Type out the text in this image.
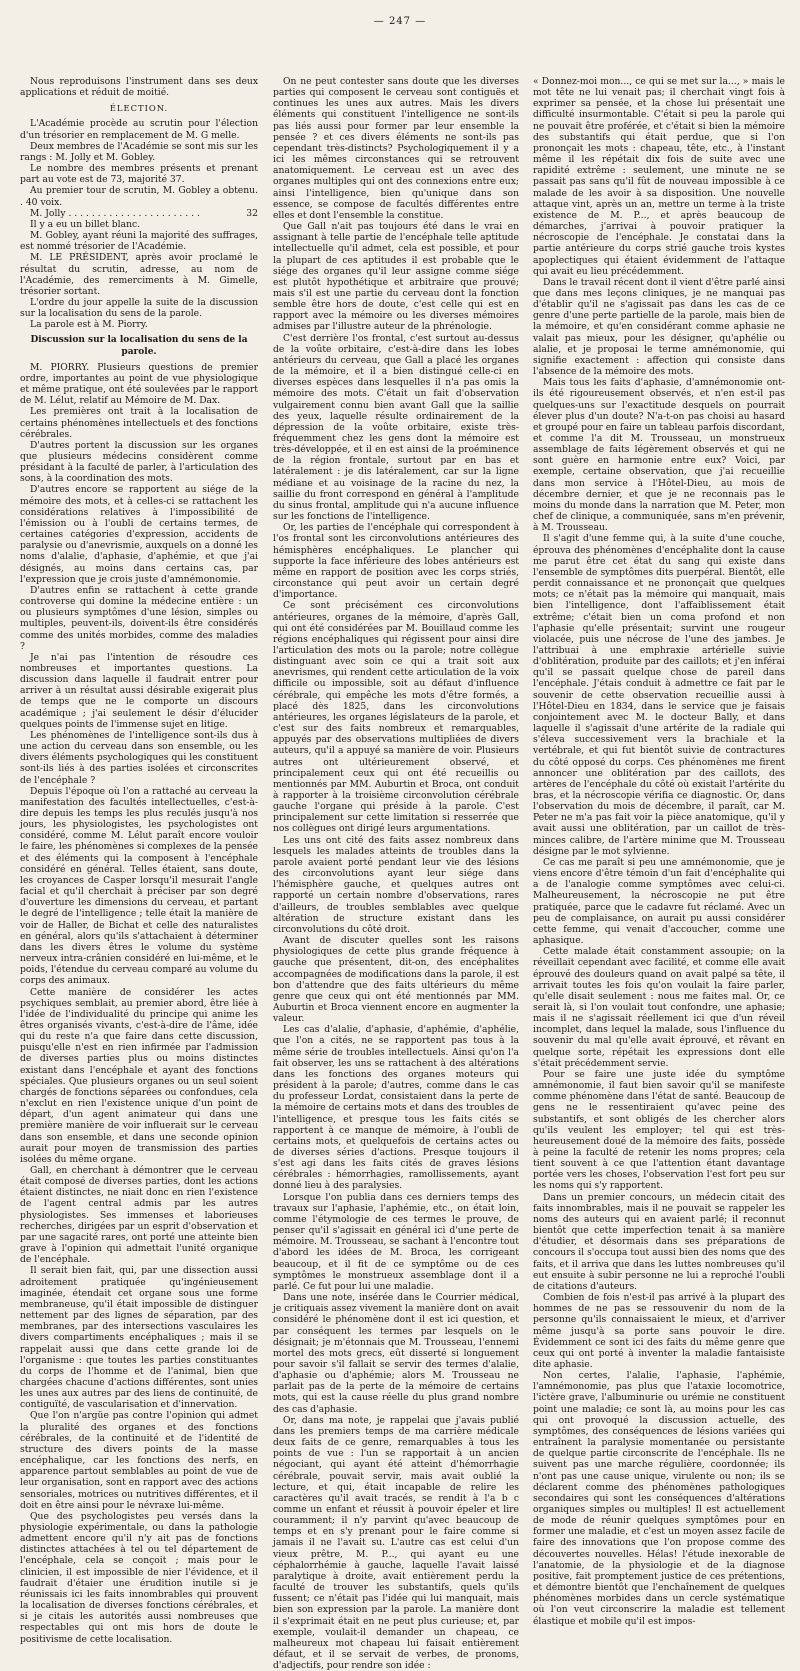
— 247 —

Nous reproduisons l'instrument dans ses deux applications et réduit de moitié.

ÉLECTION.

L'Académie procède au scrutin pour l'élection d'un trésorier en remplacement de M. G melle.

Deux membres de l'Académie se sont mis sur les rangs : M. Jolly et M. Gobley.

Le nombre des membres présents et prenant part au vote est de 73, majorité 37.

Au premier tour de scrutin, M. Gobley a obtenu. . 40 voix.

M. Jolly . . . . . . . . . . . . . . . . . . . . . . .	32

Il y a eu un billet blanc.

M. Gobley, ayant réuni la majorité des suffrages, est nommé trésorier de l'Académie.

M. LE PRÉSIDENT, après avoir proclamé le résultat du scrutin, adresse, au nom de l'Académie, des remerciments à M. Gimelle, trésorier sortant.

L'ordre du jour appelle la suite de la discussion sur la localisation du sens de la parole.

La parole est à M. Piorry.

Discussion sur la localisation du sens de la parole.

M. PIORRY. Plusieurs questions de premier ordre, importantes au point de vue physiologique et même pratique, ont été soulevées par le rapport de M. Lélut, relatif au Mémoire de M. Dax.

Les premières ont trait à la localisation de certains phénomènes intellectuels et des fonctions cérébrales.

D'autres portent la discussion sur les organes que plusieurs médecins considèrent comme présidant à la faculté de parler, à l'articulation des sons, à la coordination des mots.

D'autres encore se rapportent au siége de la mémoire des mots, et à celles-ci se rattachent les considérations relatives à l'impossibilité de l'émission ou à l'oubli de certains termes, de certaines catégories d'expression, accidents de paralysie ou d'anevrismie, auxquels on a donné les noms d'alalie, d'aphasie, d'aphémie, et que j'ai désignés, au moins dans certains cas, par l'expression que je crois juste d'amnémonomie.

D'autres enfin se rattachent à cette grande controverse qui domine la médecine entière : un ou plusieurs symptômes d'une lésion, simples ou multiples, peuvent-ils, doivent-ils être considérés comme des unités morbides, comme des maladies ?

Je n'ai pas l'intention de résoudre ces nombreuses et importantes questions. La discussion dans laquelle il faudrait entrer pour arriver à un résultat aussi désirable exigerait plus de temps que ne le comporte un discours académique ; j'ai seulement le désir d'élucider quelques points de l'immense sujet en litige.

Les phénomènes de l'intelligence sont-ils dus à une action du cerveau dans son ensemble, ou les divers éléments psychologiques qui les constituent sont-ils liés à des parties isolées et circonscrites de l'encéphale ?

Depuis l'époque où l'on a rattaché au cerveau la manifestation des facultés intellectuelles, c'est-à-dire depuis les temps les plus reculés jusqu'à nos jours, les physiologistes, les psychologistes ont considéré, comme M. Lélut paraît encore vouloir le faire, les phénomènes si complexes de la pensée et des éléments qui la composent à l'encéphale considéré en général. Telles étaient, sans doute, les croyances de Casper lorsqu'il mesurait l'angle facial et qu'il cherchait à préciser par son degré d'ouverture les dimensions du cerveau, et partant le degré de l'intelligence ; telle était la manière de voir de Haller, de Bichat et celle des naturalistes en général, alors qu'ils s'attachaient à déterminer dans les divers êtres le volume du système nerveux intra-crânien considéré en lui-même, et le poids, l'étendue du cerveau comparé au volume du corps des animaux.

Cette manière de considérer les actes psychiques semblait, au premier abord, être liée à l'idée de l'individualité du principe qui anime les êtres organisés vivants, c'est-à-dire de l'âme, idée qui du reste n'a que faire dans cette discussion, puisqu'elle n'est en rien infirmée par l'admission de diverses parties plus ou moins distinctes existant dans l'encéphale et ayant des fonctions spéciales. Que plusieurs organes ou un seul soient chargés de fonctions séparées ou confondues, cela n'exclut en rien l'existence unique d'un point de départ, d'un agent animateur qui dans une première manière de voir influerait sur le cerveau dans son ensemble, et dans une seconde opinion aurait pour moyen de transmission des parties isolées du même organe.

Gall, en cherchant à démontrer que le cerveau était composé de diverses parties, dont les actions étaient distinctes, ne niait donc en rien l'existence de l'agent central admis par les autres physiologistes. Ses immenses et laborieuses recherches, dirigées par un esprit d'observation et par une sagacité rares, ont porté une atteinte bien grave à l'opinion qui admettait l'unité organique de l'encéphale.

Il serait bien fait, qui, par une dissection aussi adroitement pratiquée qu'ingénieusement imaginée, étendait cet organe sous une forme membraneuse, qu'il était impossible de distinguer nettement par des lignes de séparation, par des membranes, par des intersections vasculaires les divers compartiments encéphaliques ; mais il se rappelait aussi que dans cette grande loi de l'organisme : que toutes les parties constituantes du corps de l'homme et de l'animal, bien que chargées chacune d'actions différentes, sont unies les unes aux autres par des liens de continuité, de contiguïté, de vascularisation et d'innervation.

Que l'on n'argüe pas contre l'opinion qui admet la pluralité des organes et des fonctions cérébrales, de la continuité et de l'identité de structure des divers points de la masse encéphalique, car les fonctions des nerfs, en apparence partout semblables au point de vue de leur organisation, sont en rapport avec des actions sensoriales, motrices ou nutritives différentes, et il doit en être ainsi pour le névraxe lui-même.

Que des psychologistes peu versés dans la physiologie expérimentale, ou dans la pathologie admettent encore qu'il n'y ait pas de fonctions distinctes attachées à tel ou tel département de l'encéphale, cela se conçoit ; mais pour le clinicien, il est impossible de nier l'évidence, et il faudrait d'étaier une érudition inutile si je réunissais ici les faits innombrables qui prouvent la localisation de diverses fonctions cérébrales, et si je citais les autorités aussi nombreuses que respectables qui ont mis hors de doute le positivisme de cette localisation.

On ne peut contester sans doute que les diverses parties qui composent le cerveau sont contiguës et continues les unes aux autres. Mais les divers éléments qui constituent l'intelligence ne sont-ils pas liés aussi pour former par leur ensemble la pensée ? et ces divers éléments ne sont-ils pas cependant très-distincts? Psychologiquement il y a ici les mêmes circonstances qui se retrouvent anatomiquement. Le cerveau est un avec des organes multiples qui ont des connexions entre eux; ainsi l'intelligence, bien qu'unique dans son essence, se compose de facultés différentes entre elles et dont l'ensemble la constitue.

Que Gall n'ait pas toujours été dans le vrai en assignant à telle partie de l'encéphale telle aptitude intellectuelle qu'il admet, cela est possible, et pour la plupart de ces aptitudes il est probable que le siége des organes qu'il leur assigne comme siége est plutôt hypothétique et arbitraire que prouvé; mais s'il est une partie du cerveau dont la fonction semble être hors de doute, c'est celle qui est en rapport avec la mémoire ou les diverses mémoires admises par l'illustre auteur de la phrénologie.

C'est derrière l'os frontal, c'est surtout au-dessus de la voûte orbitaire, c'est-à-dire dans les lobes antérieurs du cerveau, que Gall a placé les organes de la mémoire, et il a bien distingué celle-ci en diverses espèces dans lesquelles il n'a pas omis la mémoire des mots. C'était un fait d'observation vulgairement connu bien avant Gall que la saillie des yeux, laquelle résulte ordinairement de la dépression de la voûte orbitaire, existe très-fréquemment chez les gens dont la mémoire est très-développée, et il en est ainsi de la proéminence de la région frontale, surtout par en bas et latéralement : je dis latéralement, car sur la ligne médiane et au voisinage de la racine du nez, la saillie du front correspond en général à l'amplitude du sinus frontal, amplitude qui n'a aucune influence sur les fonctions de l'intelligence.

Or, les parties de l'encéphale qui correspondent à l'os frontal sont les circonvolutions antérieures des hémisphères encéphaliques. Le plancher qui supporte la face inférieure des lobes antérieurs est même en rapport de position avec les corps striés, circonstance qui peut avoir un certain degré d'importance.

Ce sont précisément ces circonvolutions antérieures, organes de la mémoire, d'après Gall, qui ont été considérées par M. Bouillaud comme les régions encéphaliques qui régissent pour ainsi dire l'articulation des mots ou la parole; notre collègue distinguant avec soin ce qui a trait soit aux anevrismes, qui rendent cette articulation de la voix difficile ou impossible, soit au défaut d'influence cérébrale, qui empêche les mots d'être formés, a placé dès 1825, dans les circonvolutions antérieures, les organes législateurs de la parole, et c'est sur des faits nombreux et remarquables, appuyés par des observations multipliées de divers auteurs, qu'il a appuyé sa manière de voir. Plusieurs autres ont ultérieurement observé, et principalement ceux qui ont été recueillis ou mentionnés par MM. Auburtin et Broca, ont conduit à rapporter à la troisième circonvolution cérébrale gauche l'organe qui préside à la parole. C'est principalement sur cette limitation si resserrée que nos collègues ont dirigé leurs argumentations.

Les uns ont cité des faits assez nombreux dans lesquels les malades atteints de troubles dans la parole avaient porté pendant leur vie des lésions des circonvolutions ayant leur siége dans l'hémisphère gauche, et quelques autres ont rapporté un certain nombre d'observations, rares d'ailleurs, de troubles semblables avec quelque altération de structure existant dans les circonvolutions du côté droit.

Avant de discuter quelles sont les raisons physiologiques de cette plus grande fréquence à gauche que présentent, dit-on, des encéphalites accompagnées de modifications dans la parole, il est bon d'attendre que des faits ultérieurs du même genre que ceux qui ont été mentionnés par MM. Auburtin et Broca viennent encore en augmenter la valeur.

Les cas d'alalie, d'aphasie, d'aphémie, d'aphélie, que l'on a cités, ne se rapportent pas tous à la même série de troubles intellectuels. Ainsi qu'on l'a fait observer, les uns se rattachent à des altérations dans les fonctions des organes moteurs qui président à la parole; d'autres, comme dans le cas du professeur Lordat, consistaient dans la perte de la mémoire de certains mots et dans des troubles de l'intelligence, et presque tous les faits cités se rapportent à ce manque de mémoire, à l'oubli de certains mots, et quelquefois de certains actes ou de diverses séries d'actions. Presque toujours il s'est agi dans les faits cités de graves lésions cérébrales : hémorrhagies, ramollissements, ayant donné lieu à des paralysies.

Lorsque l'on publia dans ces derniers temps des travaux sur l'aphasie, l'aphémie, etc., on était loin, comme l'étymologie de ces termes le prouve, de penser qu'il s'agissait en général ici d'une perte de mémoire. M. Trousseau, se sachant à l'encontre tout d'abord les idées de M. Broca, les corrigeant beaucoup, et il fit de ce symptôme ou de ces symptômes le monstrueux assemblage dont il a parlé. Ce fut pour lui une maladie.

Dans une note, insérée dans le Courrier médical, je critiquais assez vivement la manière dont on avait considéré le phénomène dont il est ici question, et par conséquent les termes par lesquels on le désignait; je m'étonnais que M. Trousseau, l'ennemi mortel des mots grecs, eût disserté si longuement pour savoir s'il fallait se servir des termes d'alalie, d'aphasie ou d'aphémie; alors M. Trousseau ne parlait pas de la perte de la mémoire de certains mots, qui est la cause réelle du plus grand nombre des cas d'aphasie.

Or, dans ma note, je rappelai que j'avais publié dans les premiers temps de ma carrière médicale deux faits de ce genre, remarquables à tous les points de vue : l'un se rapportait à un ancien négociant, qui ayant été atteint d'hémorrhagie cérébrale, pouvait servir, mais avait oublié la lecture, et qui, était incapable de relire les caractères qu'il avait tracés, se rendit à l'a b c comme un enfant et réussit à pouvoir épeler et lire couramment; il n'y parvint qu'avec beaucoup de temps et en s'y prenant pour le faire comme si jamais il ne l'avait su. L'autre cas est celui d'un vieux prêtre, M. P..., qui ayant eu une céphalorrhémie à gauche, laquelle l'avait laissé paralytique à droite, avait entièrement perdu la faculté de trouver les substantifs, quels qu'ils fussent; ce n'était pas l'idée qui lui manquait, mais bien son expression par la parole. La manière dont il s'exprimait était en ne peut plus curieuse; et, par exemple, voulait-il demander un chapeau, ce malheureux mot chapeau lui faisait entièrement défaut, et il se servait de verbes, de pronoms, d'adjectifs, pour rendre son idée :

« Donnez-moi mon..., ce qui se met sur la..., » mais le mot tête ne lui venait pas; il cherchait vingt fois à exprimer sa pensée, et la chose lui présentait une difficulté insurmontable. C'était si peu la parole qui ne pouvait être proférée, et c'était si bien la mémoire des substantifs qui était perdue, que si l'on prononçait les mots : chapeau, tête, etc., à l'instant même il les répétait dix fois de suite avec une rapidité extrême : seulement, une minute ne se passait pas sans qu'il fût de nouveau impossible à ce malade de les avoir à sa disposition. Une nouvelle attaque vint, après un an, mettre un terme à la triste existence de M. P..., et après beaucoup de démarches, j'arrivai à pouvoir pratiquer la nécroscopie de l'encéphale. Je constatai dans la partie antérieure du corps strié gauche trois kystes apoplectiques qui étaient évidemment de l'attaque qui avait eu lieu précédemment.

Dans le travail récent dont il vient d'être parlé ainsi que dans mes leçons cliniques, je ne manquai pas d'établir qu'il ne s'agissait pas dans les cas de ce genre d'une perte partielle de la parole, mais bien de la mémoire, et qu'en considérant comme aphasie ne valait pas mieux, pour les désigner, qu'aphélie ou alalie, et je proposai le terme amnémonomie, qui signifie exactement : affection qui consiste dans l'absence de la mémoire des mots.

Mais tous les faits d'aphasie, d'amnémonomie ont-ils été rigoureusement observés, et n'en est-il pas quelques-uns sur l'exactitude desquels on pourrait élever plus d'un doute? N'a-t-on pas choisi au hasard et groupé pour en faire un tableau parfois discordant, et comme l'a dit M. Trousseau, un monstrueux assemblage de faits légèrement observés et qui ne sont guère en harmonie entre eux? Voici, par exemple, certaine observation, que j'ai recueillie dans mon service à l'Hôtel-Dieu, au mois de décembre dernier, et que je ne reconnais pas le moins du monde dans la narration que M. Peter, mon chef de clinique, a communiquée, sans m'en prévenir, à M. Trousseau.

Il s'agit d'une femme qui, à la suite d'une couche, éprouva des phénomènes d'encéphalite dont la cause me parut être cet état du sang qui existe dans l'ensemble de symptômes dits puerpéral. Bientôt, elle perdit connaissance et ne prononçait que quelques mots; ce n'était pas la mémoire qui manquait, mais bien l'intelligence, dont l'affaiblissement était extrême; c'était bien un coma profond et non l'aphasie qu'elle présentait; survint une rougeur violacée, puis une nécrose de l'une des jambes. Je l'attribuai à une emphraxie artérielle suivie d'oblitération, produite par des caillots; et j'en inférai qu'il se passait quelque chose de pareil dans l'encéphale. J'étais conduit à admettre ce fait par le souvenir de cette observation recueillie aussi à l'Hôtel-Dieu en 1834, dans le service que je faisais conjointement avec M. le docteur Bally, et dans laquelle il s'agissait d'une artérite de la radiale qui s'éleva successivement vers la brachiale et la vertébrale, et qui fut bientôt suivie de contractures du côté opposé du corps. Ces phénomènes me firent annoncer une oblitération par des caillots, des artères de l'encéphale du côté où existait l'artérite du bras, et la nécroscopie vérifia ce diagnostic. Or, dans l'observation du mois de décembre, il paraît, car M. Peter ne m'a pas fait voir la pièce anatomique, qu'il y avait aussi une oblitération, par un caillot de très-minces calibre, de l'artère minime que M. Trousseau désigne par le mot sylvienne.

Ce cas me paraît si peu une amnémonomie, que je viens encore d'être témoin d'un fait d'encéphalite qui a de l'analogie comme symptômes avec celui-ci. Malheureusement, la nécroscopie ne put être pratiquée, parce que le cadavre fut réclamé. Avec un peu de complaisance, on aurait pu aussi considérer cette femme, qui venait d'accoucher, comme une aphasique.

Cette malade était constamment assoupie; on la réveillait cependant avec facilité, et comme elle avait éprouvé des douleurs quand on avait palpé sa tête, il arrivait toutes les fois qu'on voulait la faire parler, qu'elle disait seulement : nous me faites mal. Or, ce serait là, si l'on voulait tout confondre, une aphasie; mais il ne s'agissait réellement ici que d'un réveil incomplet, dans lequel la malade, sous l'influence du souvenir du mal qu'elle avait éprouvé, et rêvant en quelque sorte, répétait les expressions dont elle s'était précédemment servie.

Pour se faire une juste idée du symptôme amnémonomie, il faut bien savoir qu'il se manifeste comme phénomène dans l'état de santé. Beaucoup de gens ne le ressentiraient qu'avec peine des substantifs, et sont obligés de les chercher alors qu'ils veulent les employer; tel qui est très-heureusement doué de la mémoire des faits, possède à peine la faculté de retenir les noms propres; cela tient souvent à ce que l'attention étant davantage portée vers les choses, l'observation l'est fort peu sur les noms qui s'y rapportent.

Dans un premier concours, un médecin citait des faits innombrables, mais il ne pouvait se rappeler les noms des auteurs qui en avaient parlé; il reconnut bientôt que cette imperfection tenait à sa manière d'étudier, et désormais dans ses préparations de concours il s'occupa tout aussi bien des noms que des faits, et il arriva que dans les luttes nombreuses qu'il eut ensuite à subir personne ne lui a reproché l'oubli de citations d'auteurs.

Combien de fois n'est-il pas arrivé à la plupart des hommes de ne pas se ressouvenir du nom de la personne qu'ils connaissaient le mieux, et d'arriver même jusqu'à sa porte sans pouvoir le dire. Évidemment ce sont ici des faits du même genre que ceux qui ont porté à inventer la maladie fantaisiste dite aphasie.

Non certes, l'alalie, l'aphasie, l'aphémie, l'amnémonomie, pas plus que l'ataxie locomotrice, l'ictère grave, l'albuminurie ou urémie ne constituent point une maladie; ce sont là, au moins pour les cas qui ont provoqué la discussion actuelle, des symptômes, des conséquences de lésions variées qui entraînent la paralysie momentanée ou persistante de quelque partie circonscrite de l'encéphale. Ils ne suivent pas une marche régulière, coordonnée; ils n'ont pas une cause unique, virulente ou non; ils se déclarent comme des phénomènes pathologiques secondaires qui sont les conséquences d'altérations organiques simples ou multiples! Il est actuellement de mode de réunir quelques symptômes pour en former une maladie, et c'est un moyen assez facile de faire des innovations que l'on propose comme des découvertes nouvelles. Hélas! l'étude inexorable de l'anatomie, de la physiologie et de la diagnose positive, fait promptement justice de ces prétentions, et démontre bientôt que l'enchaînement de quelques phénomènes morbides dans un cercle systématique où l'on veut circonscrire la maladie est tellement élastique et mobile qu'il est impos-
